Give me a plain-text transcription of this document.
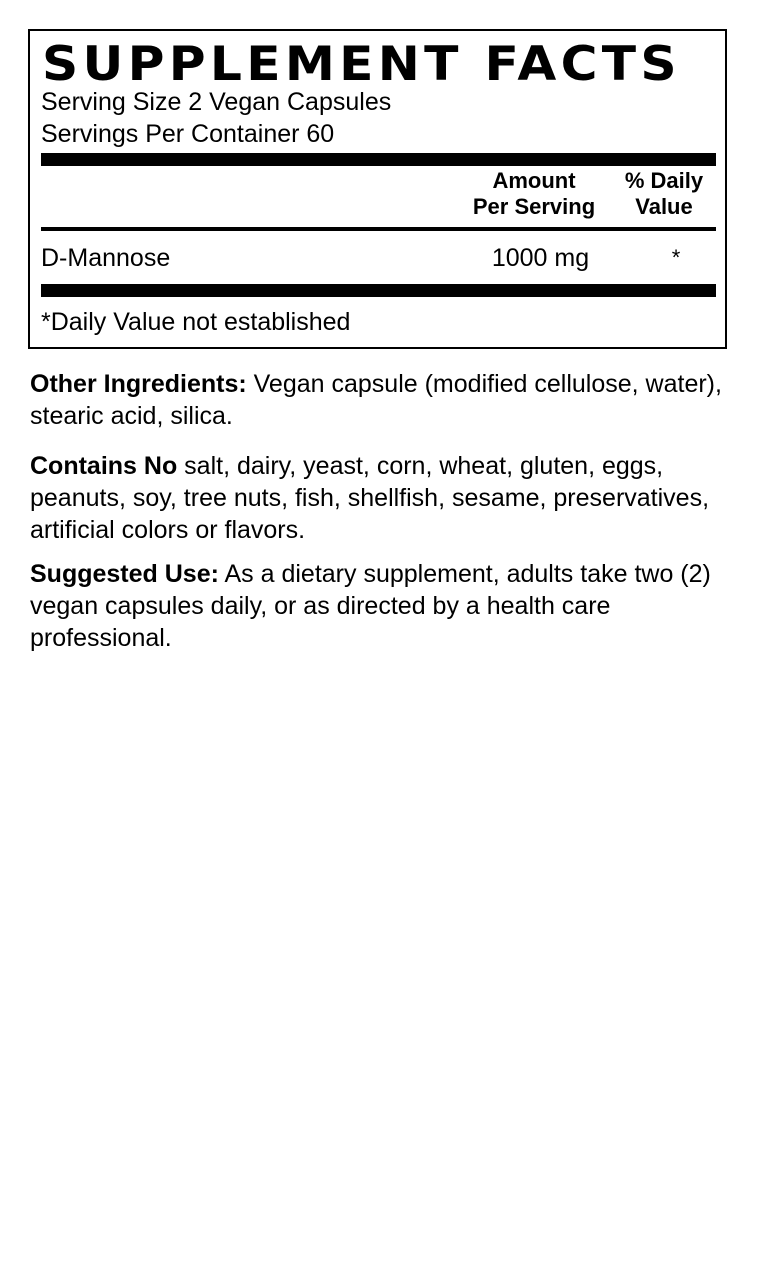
SUPPLEMENT FACTS
Serving Size 2 Vegan Capsules
Servings Per Container 60
Amount
Per Serving
% Daily
Value
D-Mannose	1000 mg	*
*Daily Value not established

Other Ingredients: Vegan capsule (modified cellulose, water), stearic acid, silica.

Contains No salt, dairy, yeast, corn, wheat, gluten, eggs, peanuts, soy, tree nuts, fish, shellfish, sesame, preservatives, artificial colors or flavors.

Suggested Use: As a dietary supplement, adults take two (2) vegan capsules daily, or as directed by a health care professional.
